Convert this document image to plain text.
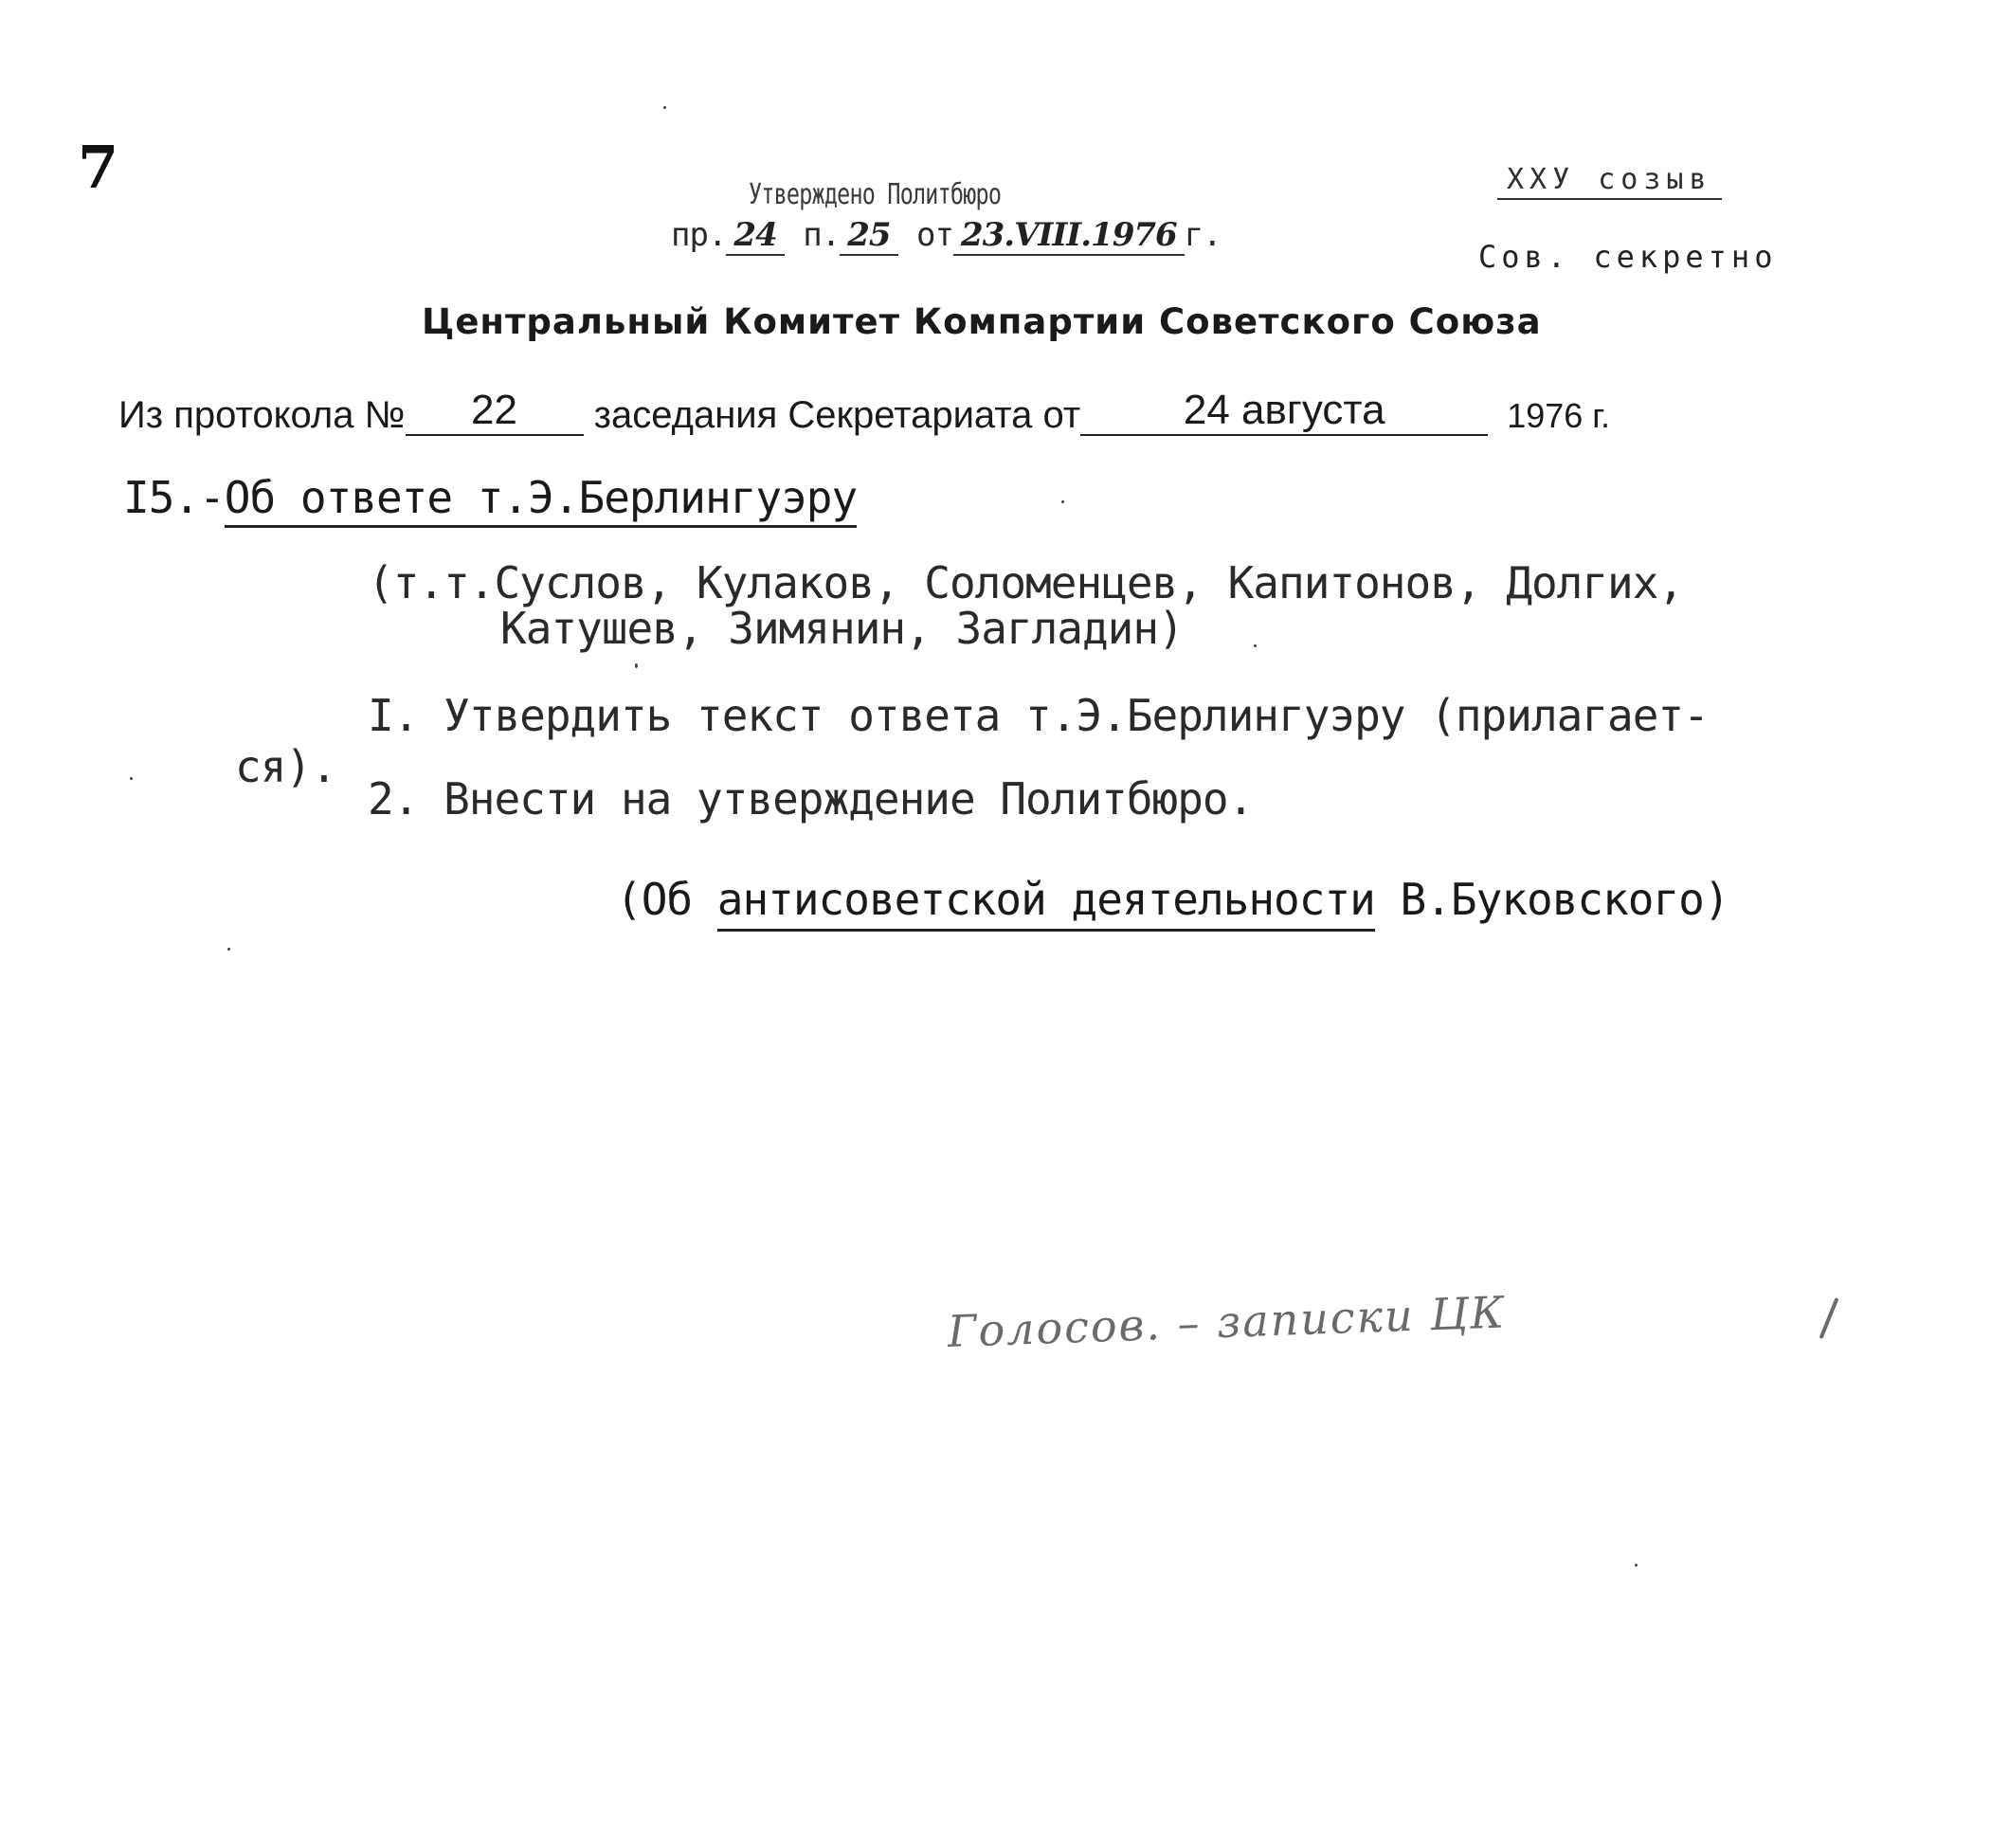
7	Утверждено Политбюро
пр. 24 п. 25 от 23.VIII.1976 г.
XXУ созыв
Сов. секретно
Центральный Комитет Компартии Советского Союза
Из протокола № 22 заседания Секретариата от 24 августа	1976 г.
I5.-Об ответе т.Э.Берлингуэру
(т.т.Суслов, Кулаков, Соломенцев, Капитонов, Долгих,
Катушев, Зимянин, Загладин)
I. Утвердить текст ответа т.Э.Берлингуэру (прилагает-
ся).
2. Внести на утверждение Политбюро.
(Об антисоветской деятельности В.Буковского)
Голосов. – записки ЦК
